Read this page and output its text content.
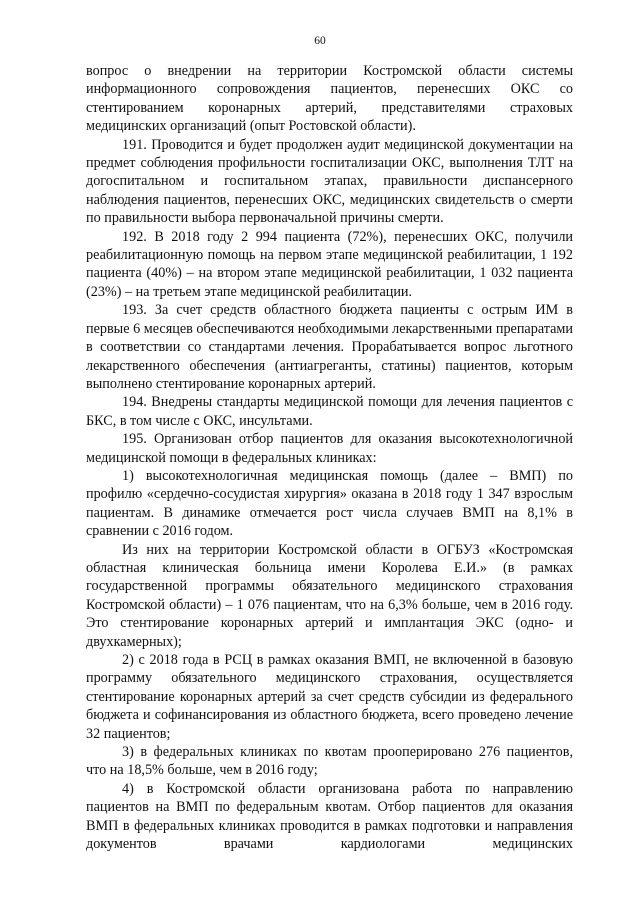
60

вопрос о внедрении на территории Костромской области системы информационного сопровождения пациентов, перенесших ОКС со стентированием коронарных артерий, представителями страховых медицинских организаций (опыт Ростовской области).

191. Проводится и будет продолжен аудит медицинской документации на предмет соблюдения профильности госпитализации ОКС, выполнения ТЛТ на догоспитальном и госпитальном этапах, правильности диспансерного наблюдения пациентов, перенесших ОКС, медицинских свидетельств о смерти по правильности выбора первоначальной причины смерти.

192. В 2018 году 2 994 пациента (72%), перенесших ОКС, получили реабилитационную помощь на первом этапе медицинской реабилитации, 1 192 пациента (40%) – на втором этапе медицинской реабилитации, 1 032 пациента (23%) – на третьем этапе медицинской реабилитации.

193. За счет средств областного бюджета пациенты с острым ИМ в первые 6 месяцев обеспечиваются необходимыми лекарственными препаратами в соответствии со стандартами лечения. Прорабатывается вопрос льготного лекарственного обеспечения (антиагреганты, статины) пациентов, которым выполнено стентирование коронарных артерий.

194. Внедрены стандарты медицинской помощи для лечения пациентов с БКС, в том числе с ОКС, инсультами.

195. Организован отбор пациентов для оказания высокотехнологичной медицинской помощи в федеральных клиниках:

1) высокотехнологичная медицинская помощь (далее – ВМП) по профилю «сердечно-сосудистая хирургия» оказана в 2018 году 1 347 взрослым пациентам. В динамике отмечается рост числа случаев ВМП на 8,1% в сравнении с 2016 годом.

Из них на территории Костромской области в ОГБУЗ «Костромская областная клиническая больница имени Королева Е.И.» (в рамках государственной программы обязательного медицинского страхования Костромской области) – 1 076 пациентам, что на 6,3% больше, чем в 2016 году. Это стентирование коронарных артерий и имплантация ЭКС (одно- и двухкамерных);

2) с 2018 года в РСЦ в рамках оказания ВМП, не включенной в базовую программу обязательного медицинского страхования, осуществляется стентирование коронарных артерий за счет средств субсидии из федерального бюджета и софинансирования из областного бюджета, всего проведено лечение 32 пациентов;

3) в федеральных клиниках по квотам прооперировано 276 пациентов, что на 18,5% больше, чем в 2016 году;

4) в Костромской области организована работа по направлению пациентов на ВМП по федеральным квотам. Отбор пациентов для оказания ВМП в федеральных клиниках проводится в рамках подготовки и направления документов врачами кардиологами медицинских
